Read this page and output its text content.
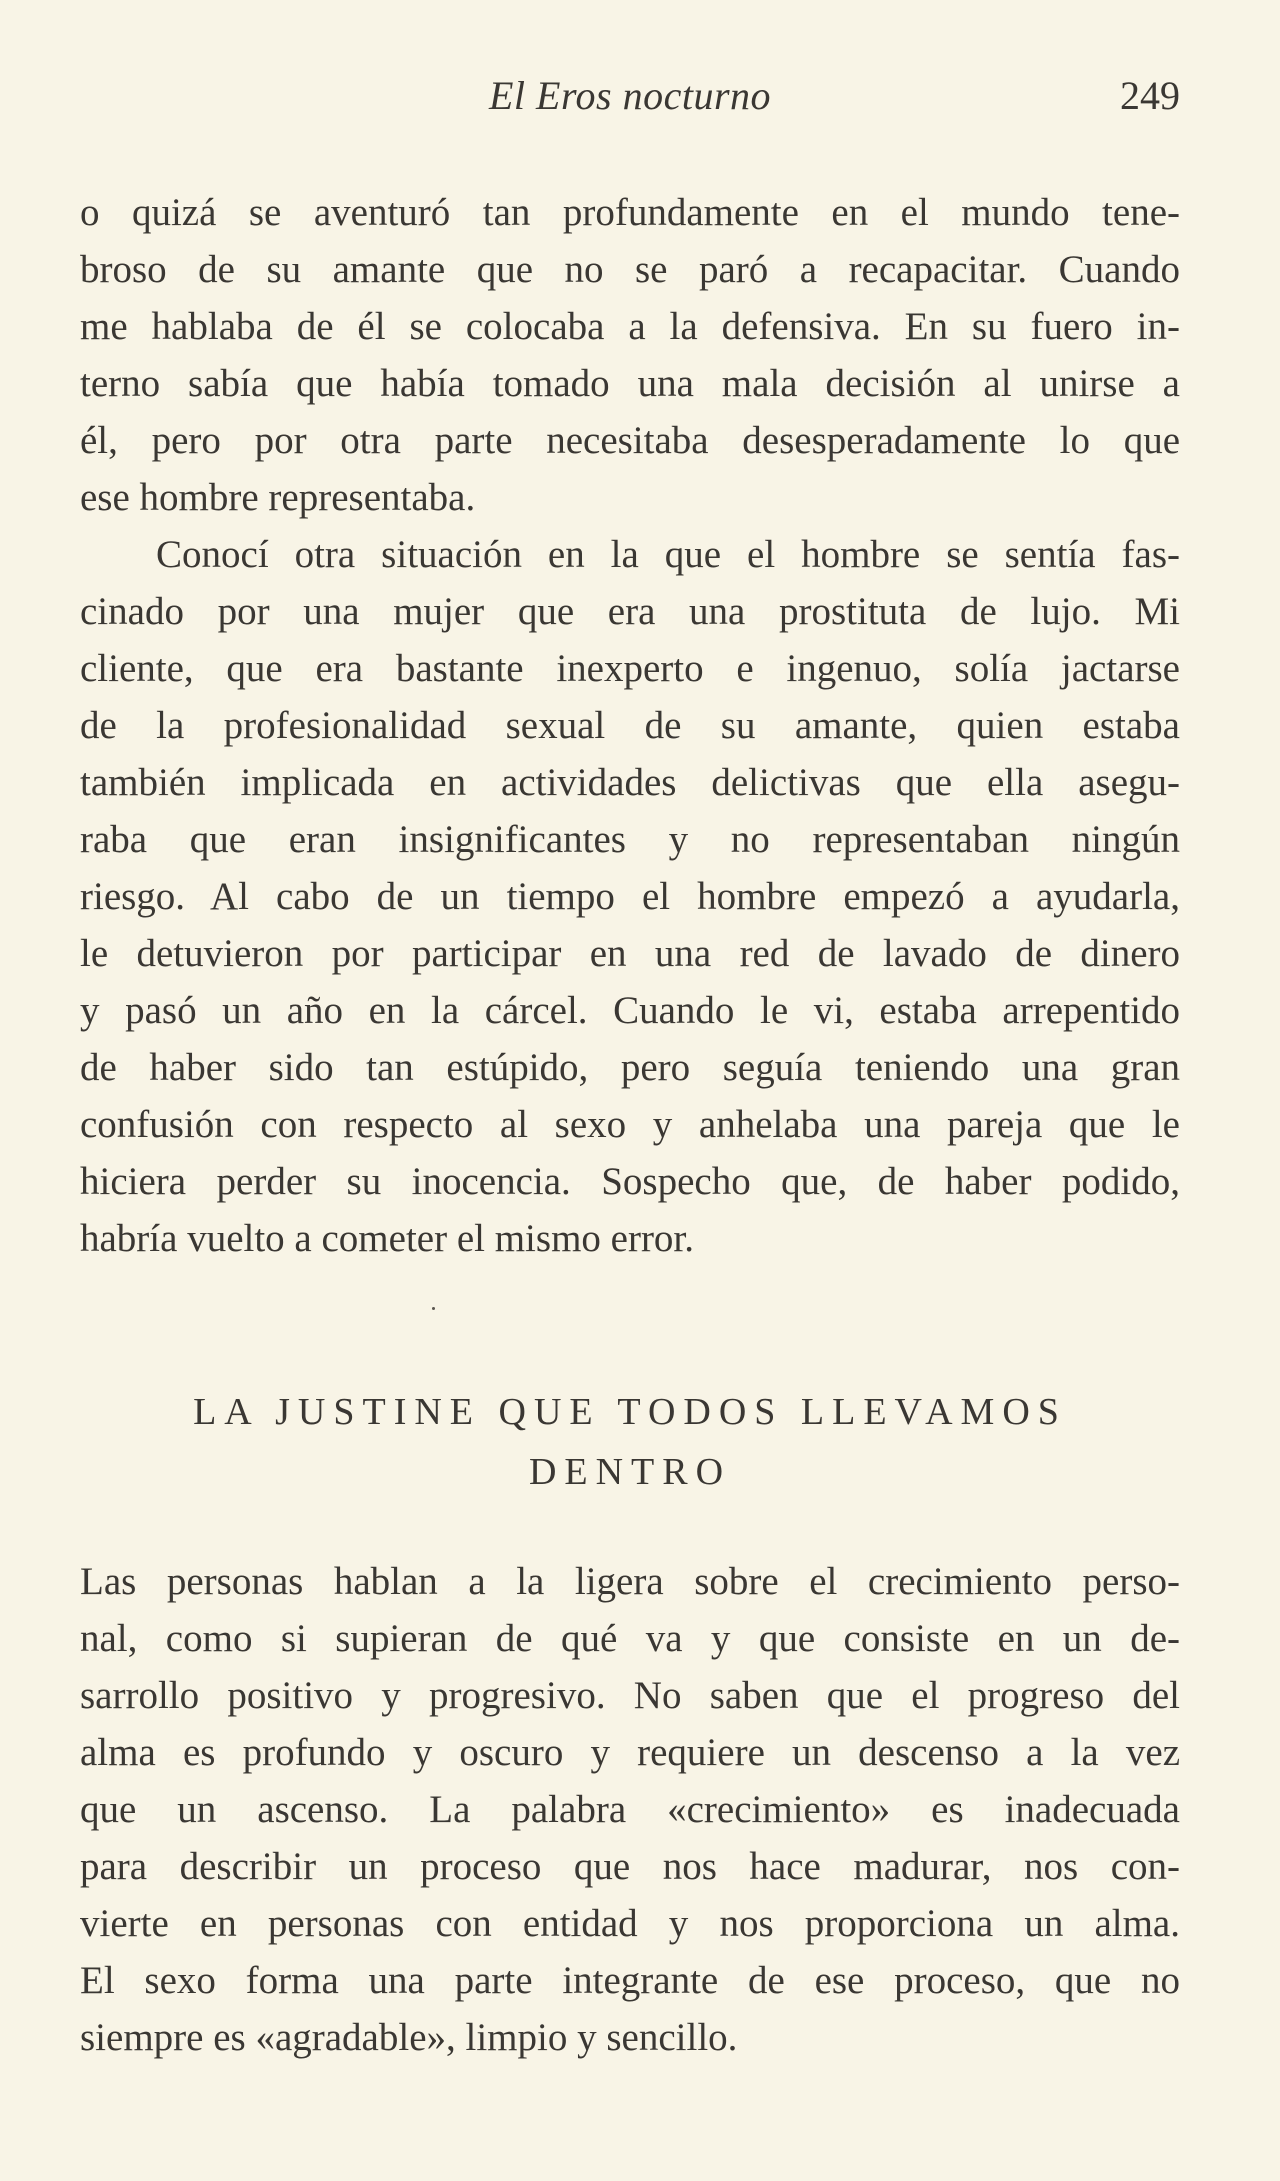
El Eros nocturno	249
o quizá se aventuró tan profundamente en el mundo tene-
broso de su amante que no se paró a recapacitar. Cuando
me hablaba de él se colocaba a la defensiva. En su fuero in-
terno sabía que había tomado una mala decisión al unirse a
él, pero por otra parte necesitaba desesperadamente lo que
ese hombre representaba.
Conocí otra situación en la que el hombre se sentía fas-
cinado por una mujer que era una prostituta de lujo. Mi
cliente, que era bastante inexperto e ingenuo, solía jactarse
de la profesionalidad sexual de su amante, quien estaba
también implicada en actividades delictivas que ella asegu-
raba que eran insignificantes y no representaban ningún
riesgo. Al cabo de un tiempo el hombre empezó a ayudarla,
le detuvieron por participar en una red de lavado de dinero
y pasó un año en la cárcel. Cuando le vi, estaba arrepentido
de haber sido tan estúpido, pero seguía teniendo una gran
confusión con respecto al sexo y anhelaba una pareja que le
hiciera perder su inocencia. Sospecho que, de haber podido,
habría vuelto a cometer el mismo error.
LA JUSTINE QUE TODOS LLEVAMOS
DENTRO
Las personas hablan a la ligera sobre el crecimiento perso-
nal, como si supieran de qué va y que consiste en un de-
sarrollo positivo y progresivo. No saben que el progreso del
alma es profundo y oscuro y requiere un descenso a la vez
que un ascenso. La palabra «crecimiento» es inadecuada
para describir un proceso que nos hace madurar, nos con-
vierte en personas con entidad y nos proporciona un alma.
El sexo forma una parte integrante de ese proceso, que no
siempre es «agradable», limpio y sencillo.
